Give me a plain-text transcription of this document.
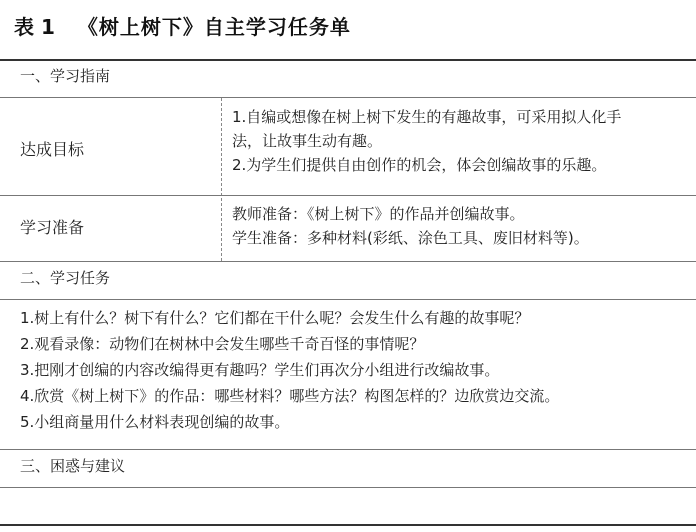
表 1 《树上树下》自主学习任务单
一、学习指南
达成目标
1.自编或想像在树上树下发生的有趣故事，可采用拟人化手
法，让故事生动有趣。
2.为学生们提供自由创作的机会，体会创编故事的乐趣。
学习准备
教师准备：《树上树下》的作品并创编故事。
学生准备：多种材料(彩纸、涂色工具、废旧材料等)。
二、学习任务
1.树上有什么？树下有什么？它们都在干什么呢？会发生什么有趣的故事呢？
2.观看录像：动物们在树林中会发生哪些千奇百怪的事情呢？
3.把刚才创编的内容改编得更有趣吗？学生们再次分小组进行改编故事。
4.欣赏《树上树下》的作品：哪些材料？哪些方法？构图怎样的？边欣赏边交流。
5.小组商量用什么材料表现创编的故事。
三、困惑与建议
